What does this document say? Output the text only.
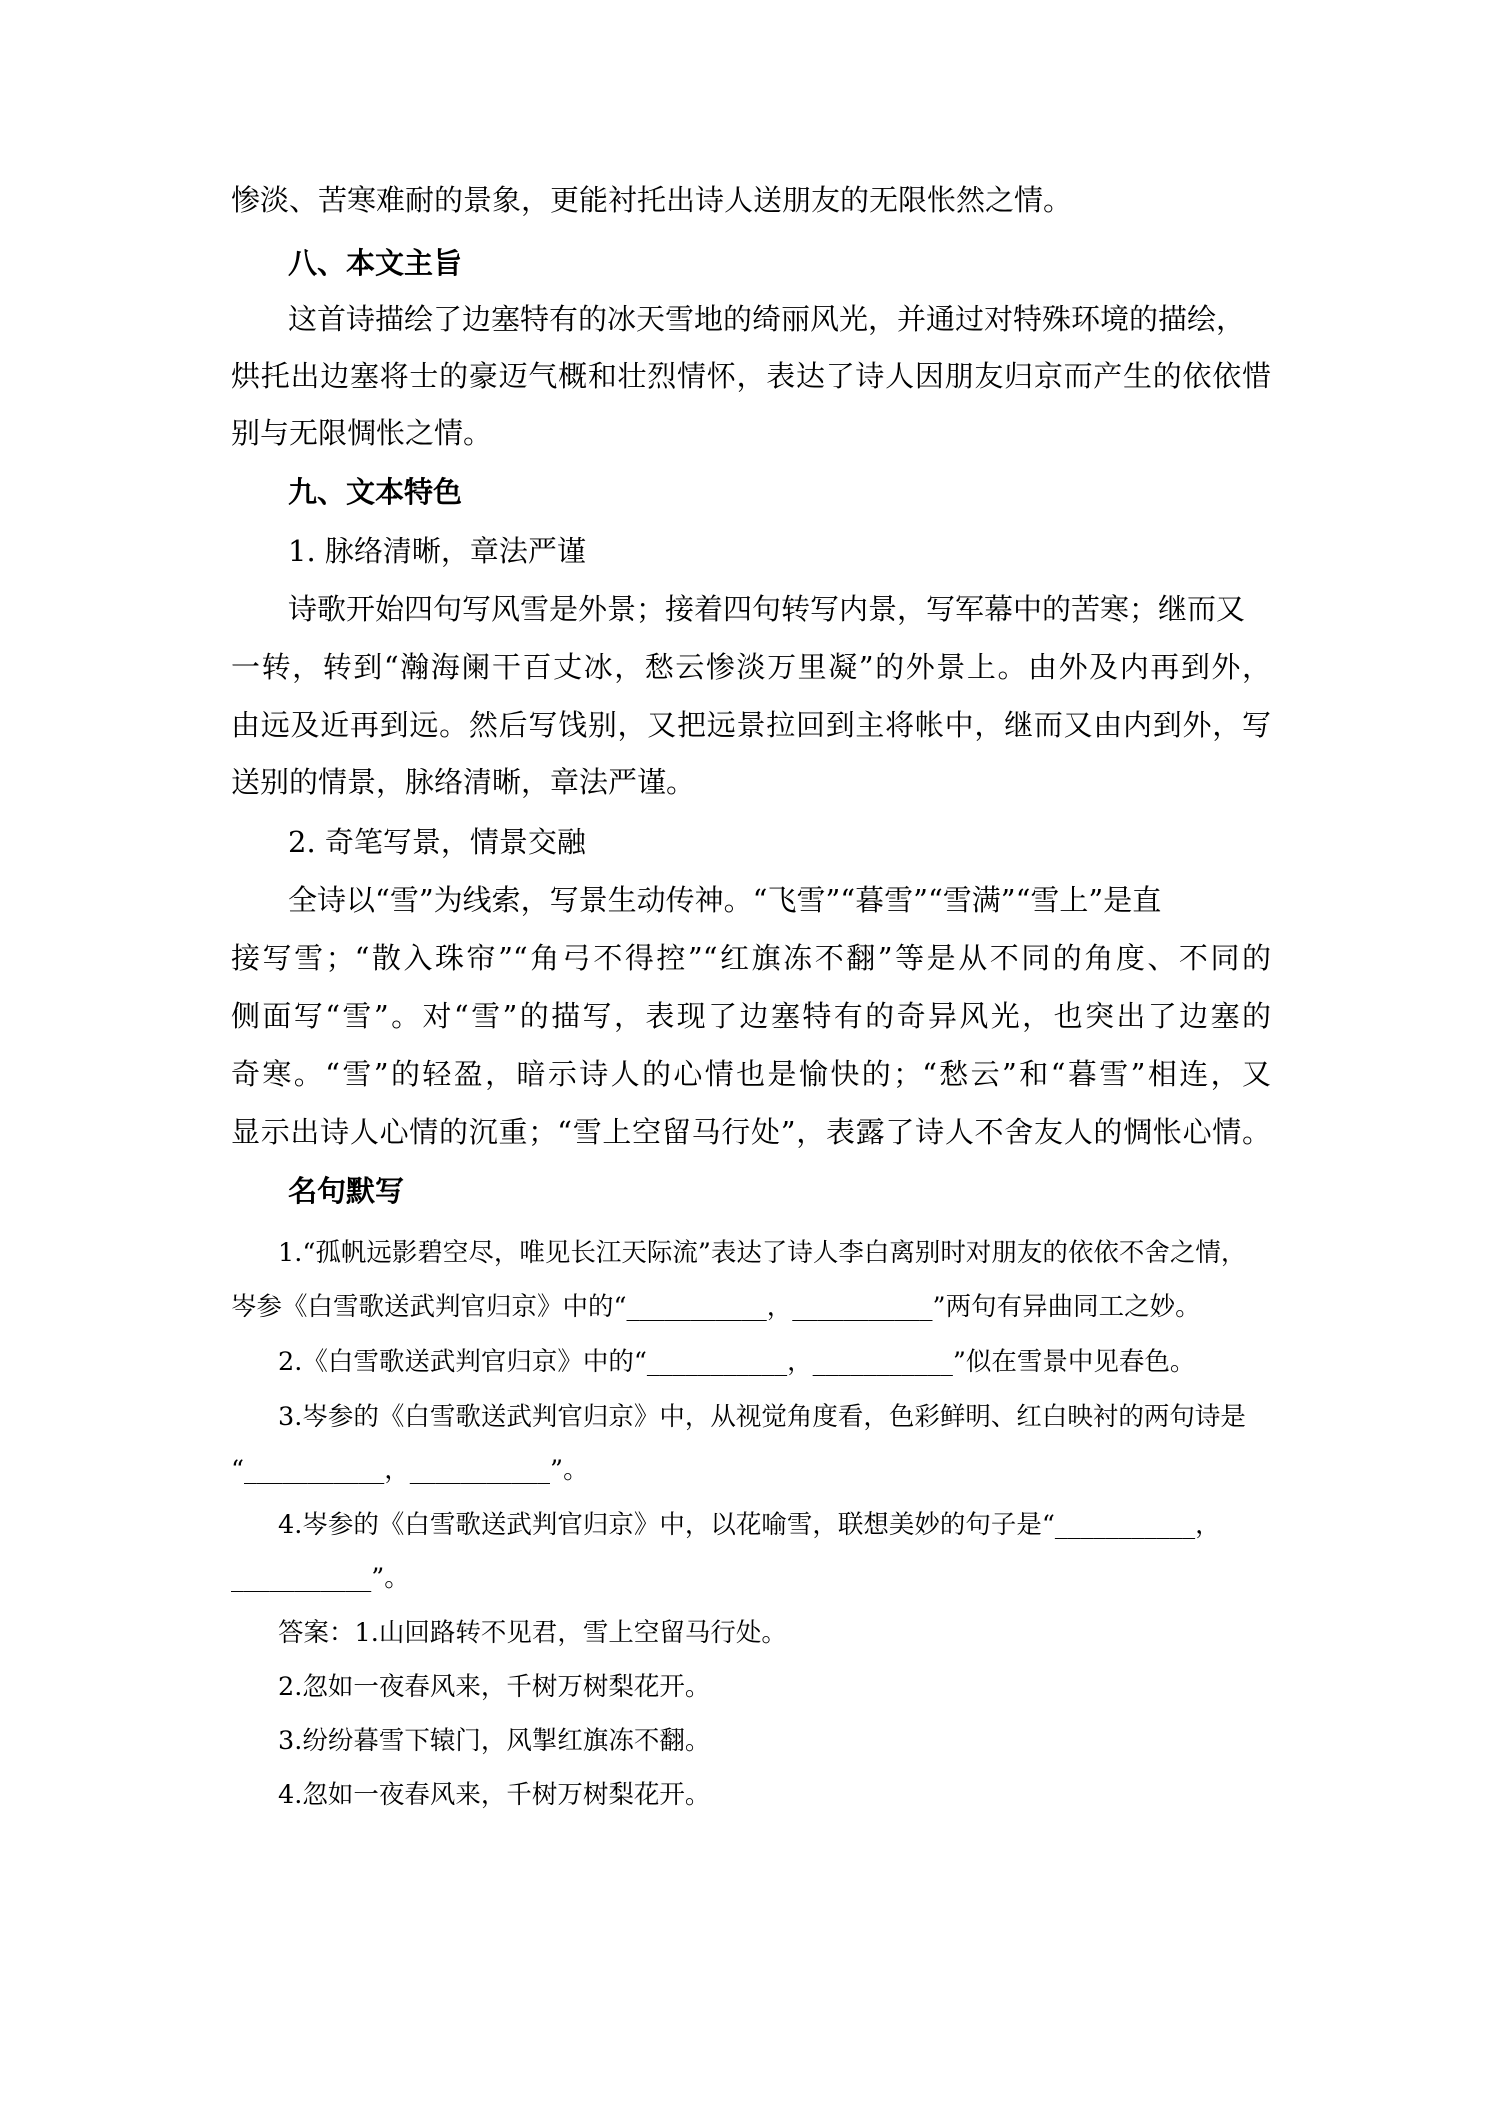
惨淡、苦寒难耐的景象，更能衬托出诗人送朋友的无限怅然之情。

八、本文主旨

这首诗描绘了边塞特有的冰天雪地的绮丽风光，并通过对特殊环境的描绘，

烘托出边塞将士的豪迈气概和壮烈情怀，表达了诗人因朋友归京而产生的依依惜

别与无限惆怅之情。

九、文本特色

1. 脉络清晰，章法严谨

诗歌开始四句写风雪是外景；接着四句转写内景，写军幕中的苦寒；继而又

一转，转到“瀚海阑干百丈冰，愁云惨淡万里凝”的外景上。由外及内再到外，

由远及近再到远。然后写饯别，又把远景拉回到主将帐中，继而又由内到外，写

送别的情景，脉络清晰，章法严谨。

2. 奇笔写景，情景交融

全诗以“雪”为线索，写景生动传神。“飞雪”“暮雪”“雪满”“雪上”是直

接写雪；“散入珠帘”“角弓不得控”“红旗冻不翻”等是从不同的角度、不同的

侧面写“雪”。对“雪”的描写，表现了边塞特有的奇异风光，也突出了边塞的

奇寒。“雪”的轻盈，暗示诗人的心情也是愉快的；“愁云”和“暮雪”相连，又

显示出诗人心情的沉重；“雪上空留马行处”，表露了诗人不舍友人的惆怅心情。

名句默写

1.“孤帆远影碧空尽，唯见长江天际流”表达了诗人李白离别时对朋友的依依不舍之情，

岑参《白雪歌送武判官归京》中的“___________，___________”两句有异曲同工之妙。

2.《白雪歌送武判官归京》中的“___________，___________”似在雪景中见春色。

3.岑参的《白雪歌送武判官归京》中，从视觉角度看，色彩鲜明、红白映衬的两句诗是

“___________，___________”。

4.岑参的《白雪歌送武判官归京》中，以花喻雪，联想美妙的句子是“___________，

___________”。

答案：1.山回路转不见君，雪上空留马行处。

2.忽如一夜春风来，千树万树梨花开。

3.纷纷暮雪下辕门，风掣红旗冻不翻。

4.忽如一夜春风来，千树万树梨花开。
